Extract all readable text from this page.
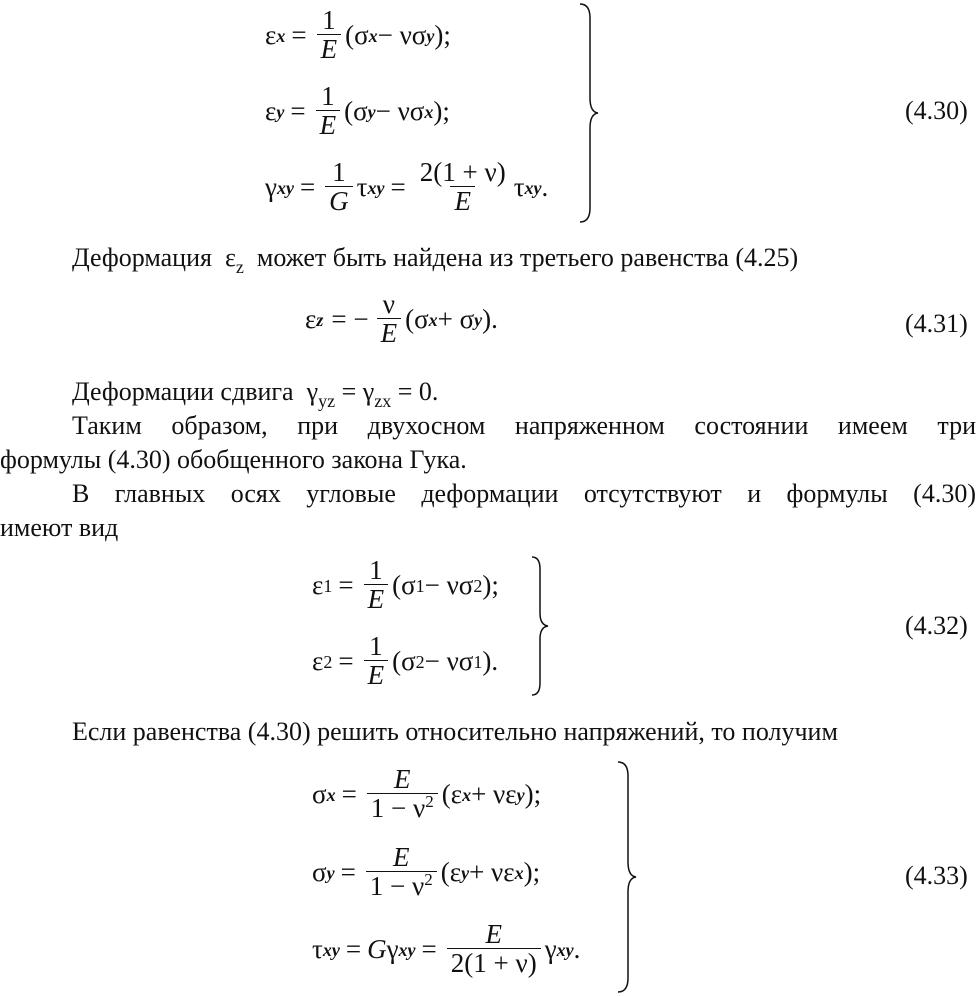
ε $x = \frac{1}{E} (\sigma$ x − νσ y );
ε $y = \frac{1}{E} (\sigma$ y − νσ x );
γ xy = $\frac{1}{G}$ τ xy = $\frac{2(1 + \nu)}{E}$ τ xy .
(4.30)
Деформация $\varepsilon_z$ может быть найдена из третьего равенства (4.25)
ε z = − $\frac{\nu}{E} (\sigma$ x + σ y ).	(4.31)
Деформации сдвига $\gamma_{yz} = \gamma_{zx} = 0$.
Таким образом, при двухосном напряженном состоянии имеем три
формулы (4.30) обобщенного закона Гука.
В главных осях угловые деформации отсутствуют и формулы (4.30)
имеют вид
ε $1 = \frac{1}{E} (\sigma$ 1 − νσ 2 );
ε $2 = \frac{1}{E} (\sigma$ 2 − νσ 1 ).
(4.32)
Если равенства (4.30) решить относительно напряжений, то получим
σ $x = \frac{E}{1 - \nu^2} (\varepsilon$ x + νε y );
σ $y = \frac{E}{1 - \nu^2} (\varepsilon$ y + νε x );
τ xy = G γ xy = $\frac{E}{2(1 + \nu)}$ γ xy .
(4.33)
